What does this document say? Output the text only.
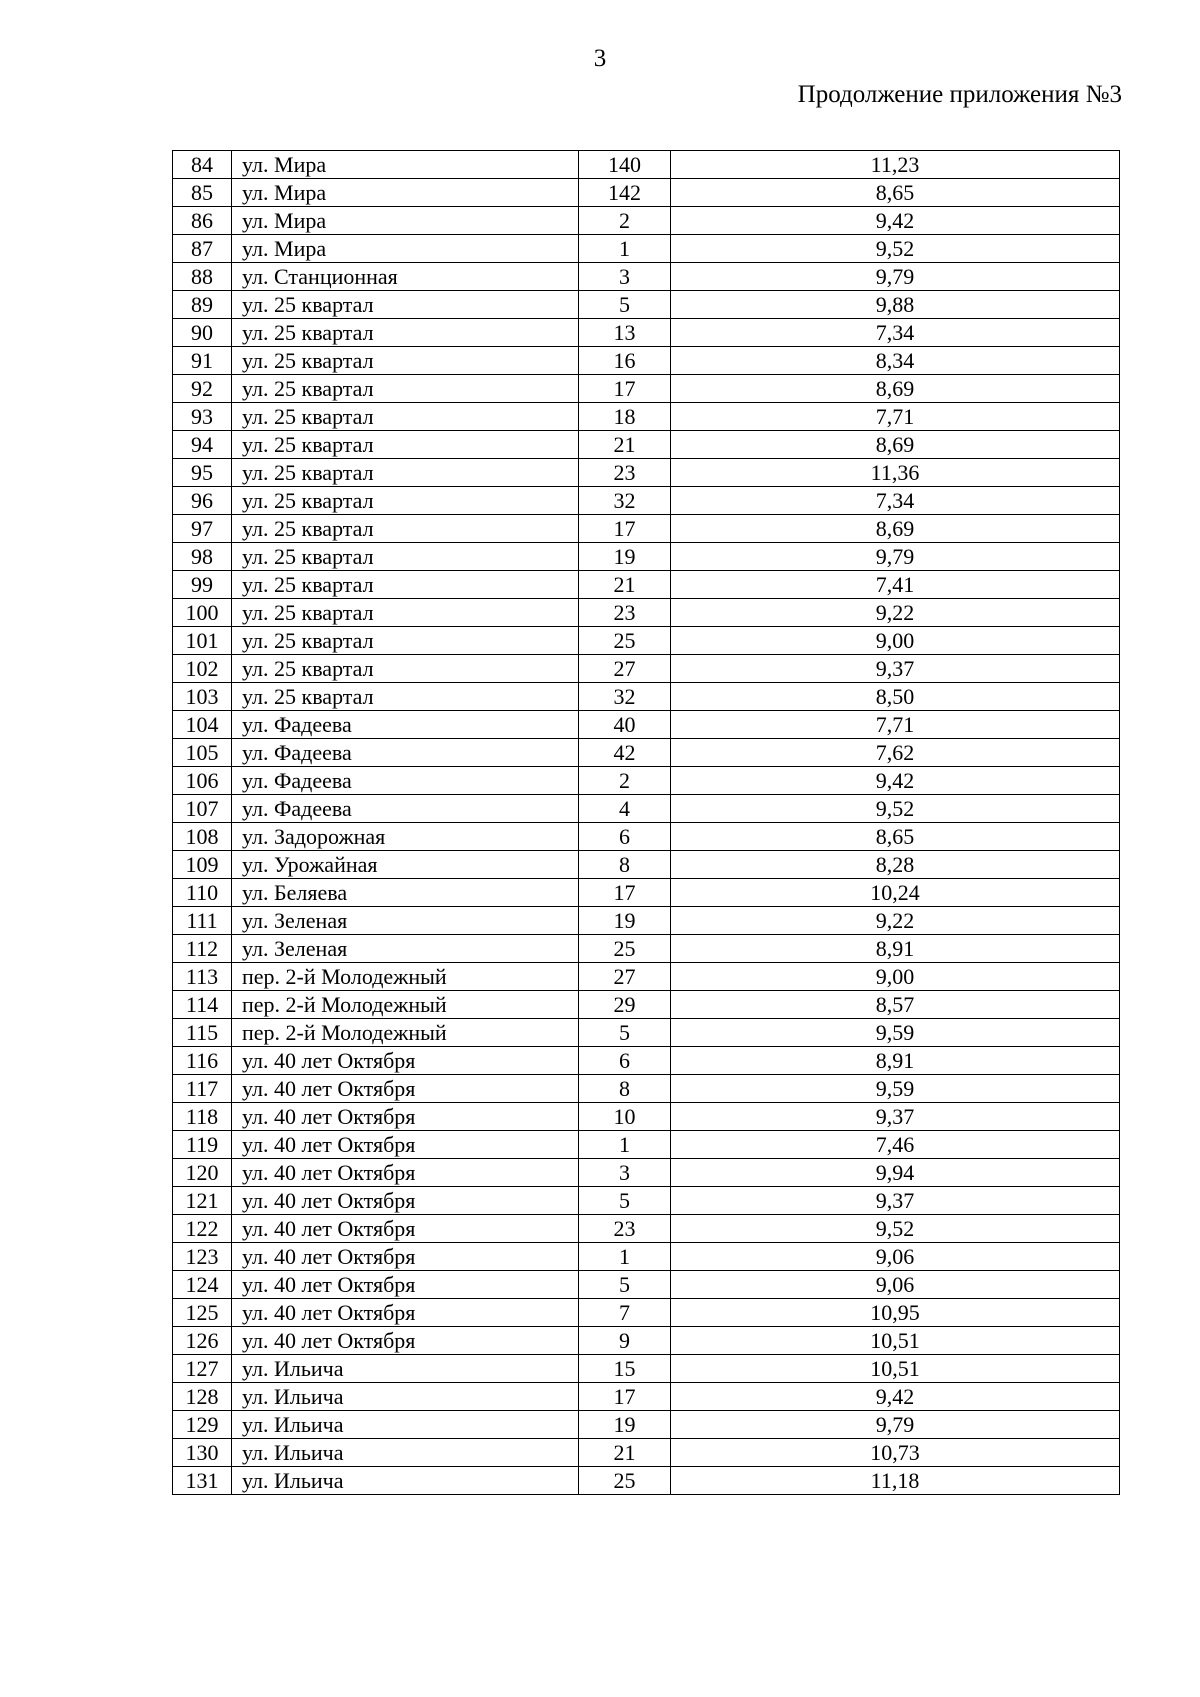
3
Продолжение приложения №3
84	ул. Мира	140	11,23
85	ул. Мира	142	8,65
86	ул. Мира	2	9,42
87	ул. Мира	1	9,52
88	ул. Станционная	3	9,79
89	ул. 25 квартал	5	9,88
90	ул. 25 квартал	13	7,34
91	ул. 25 квартал	16	8,34
92	ул. 25 квартал	17	8,69
93	ул. 25 квартал	18	7,71
94	ул. 25 квартал	21	8,69
95	ул. 25 квартал	23	11,36
96	ул. 25 квартал	32	7,34
97	ул. 25 квартал	17	8,69
98	ул. 25 квартал	19	9,79
99	ул. 25 квартал	21	7,41
100	ул. 25 квартал	23	9,22
101	ул. 25 квартал	25	9,00
102	ул. 25 квартал	27	9,37
103	ул. 25 квартал	32	8,50
104	ул. Фадеева	40	7,71
105	ул. Фадеева	42	7,62
106	ул. Фадеева	2	9,42
107	ул. Фадеева	4	9,52
108	ул. Задорожная	6	8,65
109	ул. Урожайная	8	8,28
110	ул. Беляева	17	10,24
111	ул. Зеленая	19	9,22
112	ул. Зеленая	25	8,91
113	пер. 2-й Молодежный	27	9,00
114	пер. 2-й Молодежный	29	8,57
115	пер. 2-й Молодежный	5	9,59
116	ул. 40 лет Октября	6	8,91
117	ул. 40 лет Октября	8	9,59
118	ул. 40 лет Октября	10	9,37
119	ул. 40 лет Октября	1	7,46
120	ул. 40 лет Октября	3	9,94
121	ул. 40 лет Октября	5	9,37
122	ул. 40 лет Октября	23	9,52
123	ул. 40 лет Октября	1	9,06
124	ул. 40 лет Октября	5	9,06
125	ул. 40 лет Октября	7	10,95
126	ул. 40 лет Октября	9	10,51
127	ул. Ильича	15	10,51
128	ул. Ильича	17	9,42
129	ул. Ильича	19	9,79
130	ул. Ильича	21	10,73
131	ул. Ильича	25	11,18
